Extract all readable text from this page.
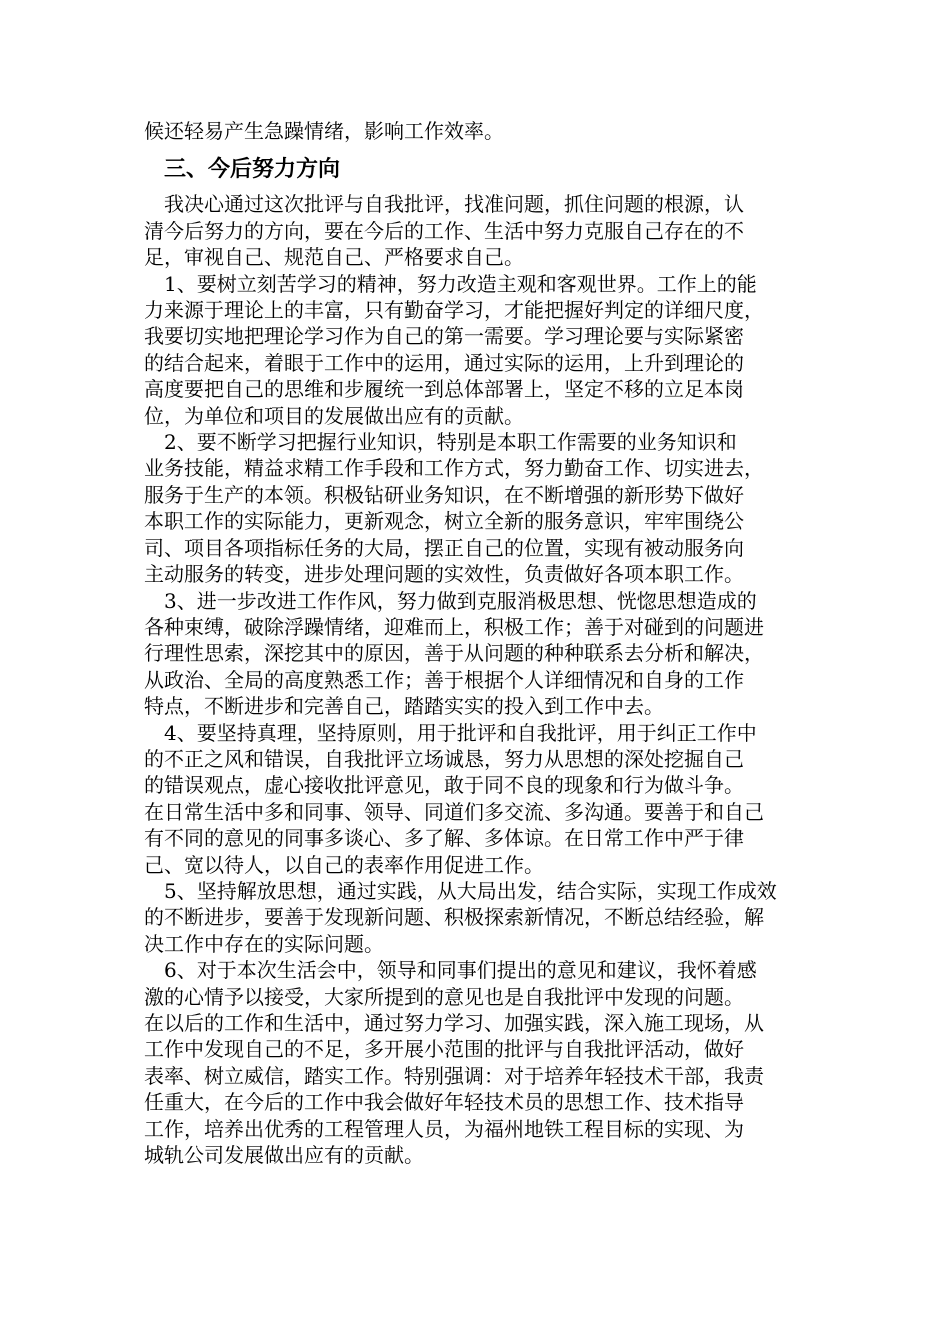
候还轻易产生急躁情绪，影响工作效率。

三、今后努力方向

　我决心通过这次批评与自我批评，找准问题，抓住问题的根源，认

清今后努力的方向，要在今后的工作、生活中努力克服自己存在的不

足，审视自己、规范自己、严格要求自己。

　1、要树立刻苦学习的精神，努力改造主观和客观世界。工作上的能

力来源于理论上的丰富，只有勤奋学习，才能把握好判定的详细尺度，

我要切实地把理论学习作为自己的第一需要。学习理论要与实际紧密

的结合起来，着眼于工作中的运用，通过实际的运用，上升到理论的

高度要把自己的思维和步履统一到总体部署上，坚定不移的立足本岗

位，为单位和项目的发展做出应有的贡献。

　2、要不断学习把握行业知识，特别是本职工作需要的业务知识和

业务技能，精益求精工作手段和工作方式，努力勤奋工作、切实进去，

服务于生产的本领。积极钻研业务知识，在不断增强的新形势下做好

本职工作的实际能力，更新观念，树立全新的服务意识，牢牢围绕公

司、项目各项指标任务的大局，摆正自己的位置，实现有被动服务向

主动服务的转变，进步处理问题的实效性，负责做好各项本职工作。

　3、进一步改进工作作风，努力做到克服消极思想、恍惚思想造成的

各种束缚，破除浮躁情绪，迎难而上，积极工作；善于对碰到的问题进

行理性思索，深挖其中的原因，善于从问题的种种联系去分析和解决，

从政治、全局的高度熟悉工作；善于根据个人详细情况和自身的工作

特点，不断进步和完善自己，踏踏实实的投入到工作中去。

　4、要坚持真理，坚持原则，用于批评和自我批评，用于纠正工作中

的不正之风和错误，自我批评立场诚恳，努力从思想的深处挖掘自己

的错误观点，虚心接收批评意见，敢于同不良的现象和行为做斗争。

在日常生活中多和同事、领导、同道们多交流、多沟通。要善于和自己

有不同的意见的同事多谈心、多了解、多体谅。在日常工作中严于律

己、宽以待人，以自己的表率作用促进工作。

　5、坚持解放思想，通过实践，从大局出发，结合实际，实现工作成效

的不断进步，要善于发现新问题、积极探索新情况，不断总结经验，解

决工作中存在的实际问题。

　6、对于本次生活会中，领导和同事们提出的意见和建议，我怀着感

激的心情予以接受，大家所提到的意见也是自我批评中发现的问题。

在以后的工作和生活中，通过努力学习、加强实践，深入施工现场，从

工作中发现自己的不足，多开展小范围的批评与自我批评活动，做好

表率、树立威信，踏实工作。特别强调：对于培养年轻技术干部，我责

任重大，在今后的工作中我会做好年轻技术员的思想工作、技术指导

工作，培养出优秀的工程管理人员，为福州地铁工程目标的实现、为

城轨公司发展做出应有的贡献。
